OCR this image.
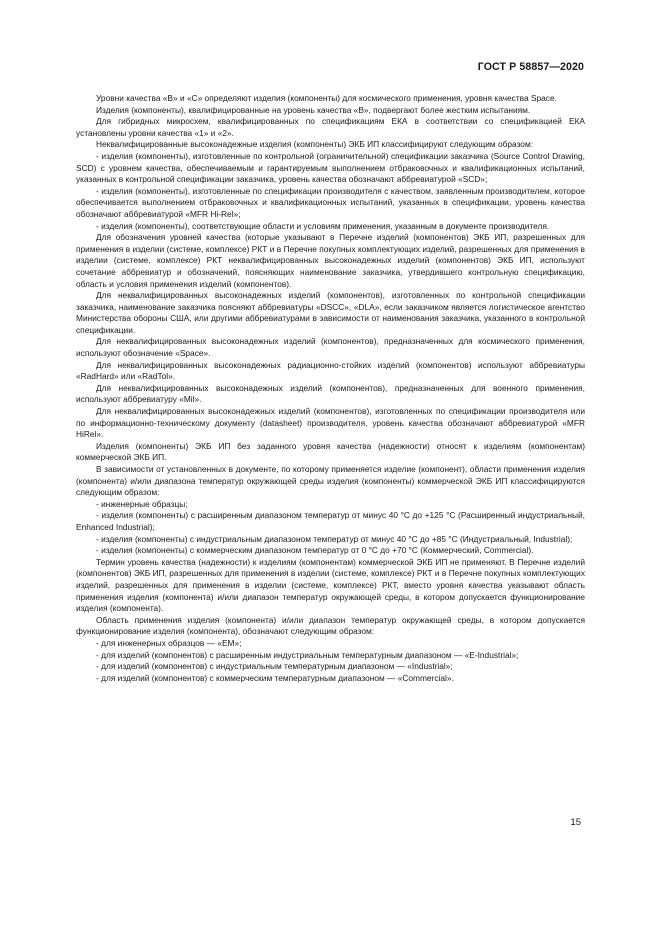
ГОСТ Р 58857—2020

Уровни качества «B» и «C» определяют изделия (компоненты) для космического применения, уровня качества Space.

Изделия (компоненты), квалифицированные на уровень качества «B», подвергают более жестким испытаниям.

Для гибридных микросхем, квалифицированных по спецификациям ЕКА в соответствии со спецификацией ЕКА установлены уровни качества «1» и «2».

Неквалифицированные высоконадежные изделия (компоненты) ЭКБ ИП классифицируют следующим образом:

- изделия (компоненты), изготовленные по контрольной (ограничительной) спецификации заказчика (Source Control Drawing, SCD) с уровнем качества, обеспечиваемым и гарантируемым выполнением отбраковочных и квалификационных испытаний, указанных в контрольной спецификации заказчика, уровень качества обозначают аббревиатурой «SCD»;

- изделия (компоненты), изготовленные по спецификации производителя с качеством, заявленным производителем, которое обеспечивается выполнением отбраковочных и квалификационных испытаний, указанных в спецификации, уровень качества обозначают аббревиатурой «MFR Hi-Rel»;

- изделия (компоненты), соответствующие области и условиям применения, указанным в документе производителя.

Для обозначения уровней качества (которые указывают в Перечне изделий (компонентов) ЭКБ ИП, разрешенных для применения в изделии (системе, комплексе) РКТ и в Перечне покупных комплектующих изделий, разрешенных для применения в изделии (системе, комплексе) РКТ неквалифицированных высоконадежных изделий (компонентов) ЭКБ ИП, используют сочетание аббревиатур и обозначений, поясняющих наименование заказчика, утвердившего контрольную спецификацию, область и условия применения изделий (компонентов).

Для неквалифицированных высоконадежных изделий (компонентов), изготовленных по контрольной спецификации заказчика, наименование заказчика поясняют аббревиатуры «DSCC», «DLA», если заказчиком является логистическое агентство Министерства обороны США, или другими аббревиатурами в зависимости от наименования заказчика, указанного в контрольной спецификации.

Для неквалифицированных высоконадежных изделий (компонентов), предназначенных для космического применения, используют обозначение «Space».

Для неквалифицированных высоконадежных радиационно-стойких изделий (компонентов) используют аббревиатуры «RadHard» или «RadTol».

Для неквалифицированных высоконадежных изделий (компонентов), предназначенных для военного применения, используют аббревиатуру «Mil».

Для неквалифицированных высоконадежных изделий (компонентов), изготовленных по спецификации производителя или по информационно-техническому документу (datasheet) производителя, уровень качества обозначают аббревиатурой «MFR HiRel».

Изделия (компоненты) ЭКБ ИП без заданного уровня качества (надежности) относят к изделиям (компонентам) коммерческой ЭКБ ИП.

В зависимости от установленных в документе, по которому применяется изделие (компонент), области применения изделия (компонента) и/или диапазона температур окружающей среды изделия (компоненты) коммерческой ЭКБ ИП классифицируются следующим образом:

- инженерные образцы;

- изделия (компоненты) с расширенным диапазоном температур от минус 40 °C до +125 °C (Расширенный индустриальный, Enhanced Industrial);

- изделия (компоненты) с индустриальным диапазоном температур от минус 40 °C до +85 °C (Индустриальный, Industrial);

- изделия (компоненты) с коммерческим диапазоном температур от 0 °C до +70 °C (Коммерческий, Commercial).

Термин уровень качества (надежности) к изделиям (компонентам) коммерческой ЭКБ ИП не применяют. В Перечне изделий (компонентов) ЭКБ ИП, разрешенных для применения в изделии (системе, комплексе) РКТ и в Перечне покупных комплектующих изделий, разрешенных для применения в изделии (системе, комплексе) РКТ, вместо уровня качества указывают область применения изделия (компонента) и/или диапазон температур окружающей среды, в котором допускается функционирование изделия (компонента).

Область применения изделия (компонента) и/или диапазон температур окружающей среды, в котором допускается функционирование изделия (компонента), обозначают следующим образом:

- для инженерных образцов — «EM»;

- для изделий (компонентов) с расширенным индустриальным температурным диапазоном — «E-Industrial»;

- для изделий (компонентов) с индустриальным температурным диапазоном — «Industrial»;

- для изделий (компонентов) с коммерческим температурным диапазоном — «Commercial».

15
